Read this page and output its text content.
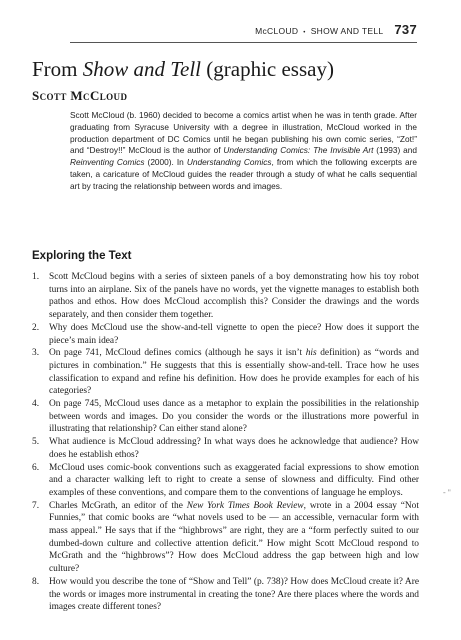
McCLOUD • SHOW AND TELL 737
From Show and Tell (graphic essay)
Scott McCloud

Scott McCloud (b. 1960) decided to become a comics artist when he was in tenth grade. After graduating from Syracuse University with a degree in illustration, McCloud worked in the production department of DC Comics until he began publishing his own comic series, “Zot!” and “Destroy!!” McCloud is the author of Understanding Comics: The Invisible Art (1993) and Reinventing Comics (2000). In Understanding Comics, from which the following excerpts are taken, a caricature of McCloud guides the reader through a study of what he calls sequential art by tracing the relationship between words and images.

Exploring the Text
1. Scott McCloud begins with a series of sixteen panels of a boy demonstrating how his toy robot turns into an airplane. Six of the panels have no words, yet the vignette manages to establish both pathos and ethos. How does McCloud accomplish this? Consider the drawings and the words separately, and then consider them together.
2. Why does McCloud use the show-and-tell vignette to open the piece? How does it support the piece’s main idea?
3. On page 741, McCloud defines comics (although he says it isn’t his definition) as “words and pictures in combination.” He suggests that this is essentially show-and-tell. Trace how he uses classification to expand and refine his definition. How does he provide examples for each of his categories?
4. On page 745, McCloud uses dance as a metaphor to explain the possibilities in the relationship between words and images. Do you consider the words or the illustrations more powerful in illustrating that relationship? Can either stand alone?
5. What audience is McCloud addressing? In what ways does he acknowledge that audience? How does he establish ethos?
6. McCloud uses comic-book conventions such as exaggerated facial expressions to show emotion and a character walking left to right to create a sense of slowness and difficulty. Find other examples of these conventions, and compare them to the conventions of language he employs.
7. Charles McGrath, an editor of the New York Times Book Review, wrote in a 2004 essay “Not Funnies,” that comic books are “what novels used to be — an accessible, vernacular form with mass appeal.” He says that if the “highbrows” are right, they are a “form perfectly suited to our dumbed-down culture and collective attention deficit.” How might Scott McCloud respond to McGrath and the “highbrows”? How does McCloud address the gap between high and low culture?
8. How would you describe the tone of “Show and Tell” (p. 738)? How does McCloud create it? Are the words or images more instrumental in creating the tone? Are there places where the words and images create different tones?
- "
